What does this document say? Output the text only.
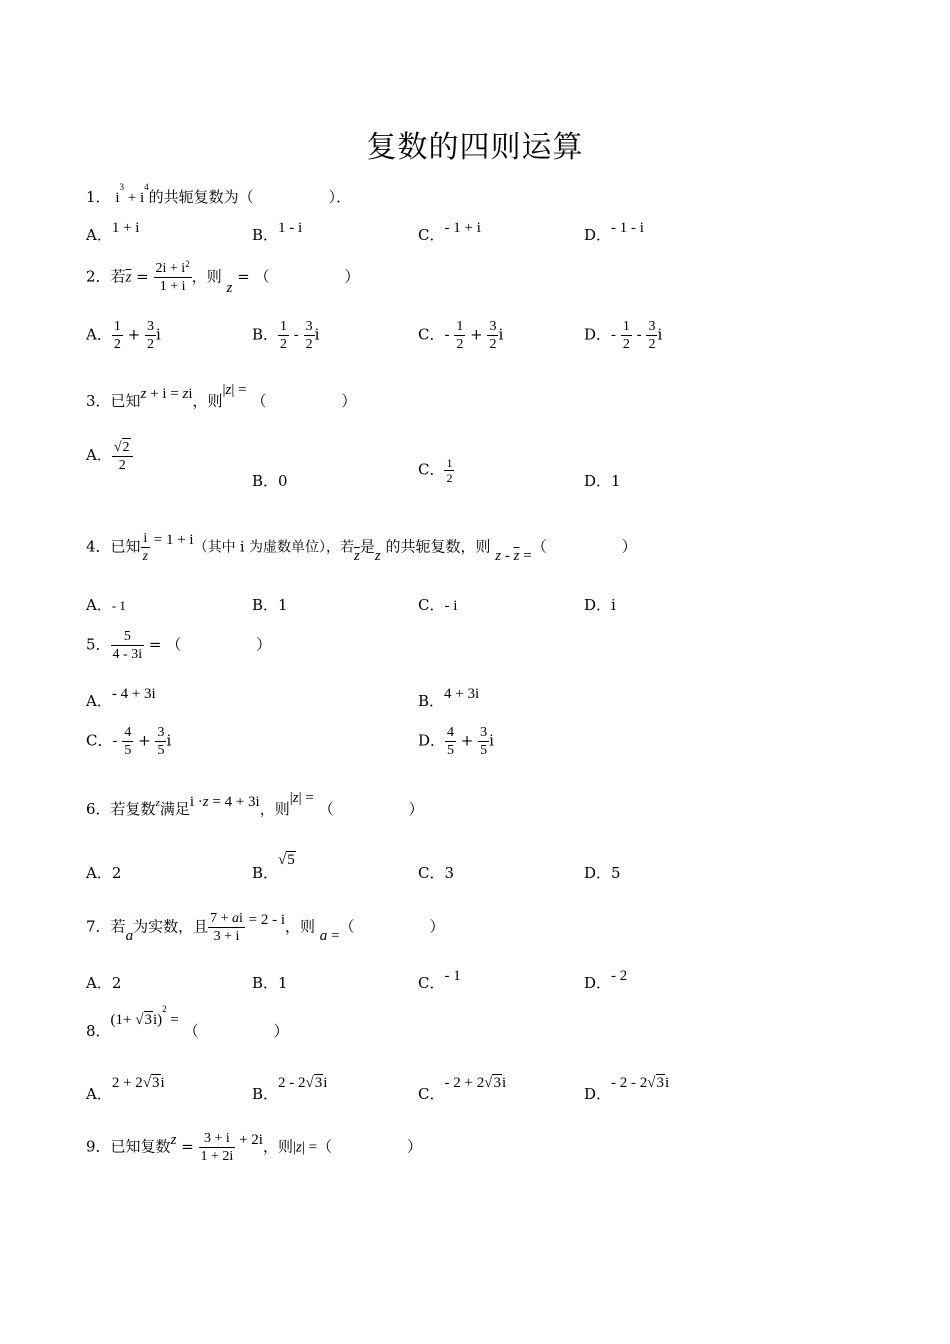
复数的四则运算
1． $i^3 + i^4$的共轭复数为（　　　　　）．
A．1 + i	B．1 - i	C．- 1 + i	D．- 1 - i
2．若$\overline{z} = \frac{2i + i^2}{1 + i}$ ，则 z = （　　　　　）
A． $\frac{1}{2} + \frac{3}{2}$ i	B． $\frac{1}{2} - \frac{3}{2}$ i	C．- $\frac{1}{2} + \frac{3}{2}$ i	D．- $\frac{1}{2} - \frac{3}{2}$ i
3．已知z + i = zi，则|z| = （　　　　　）
A． $\frac{√2}{2}$
B．0
C． $\frac{1}{2}$	D．1
4．已知 $\frac{i}{z} = 1 + i$（其中 i 为虚数单位），若$\overline{z}$是z 的共轭复数，则 z - $\overline{z}$ =（　　　　　）
A．- 1	B．1	C．- i	D．i
5． $\frac{5}{4 - 3i}$ = （　　　　　）
A．- 4 + 3i	B．4 + 3i
C．- $\frac{4}{5} + \frac{3}{5}$ i	D． $\frac{4}{5} + \frac{3}{5}$ i
6．若复数$^z$满足i ·z = 4 + 3i，则|z| = （　　　　　）
A．2	B．√5
C．3	D．5
7．若a为实数，且 $\frac{7 + ai}{3 + i} = 2 - i$，则 a =（　　　　　）
A．2	B．1	C．- 1	D．- 2
8．$(1+ √3i)^2$ = （　　　　　）
A．2 + 2√3i
B．2 - 2√3i
C．- 2 + 2√3i
D．- 2 - 2√3i
9．已知复数$z = \frac{3 + i}{1 + 2i} + 2i$，则|z| =（　　　　　）
